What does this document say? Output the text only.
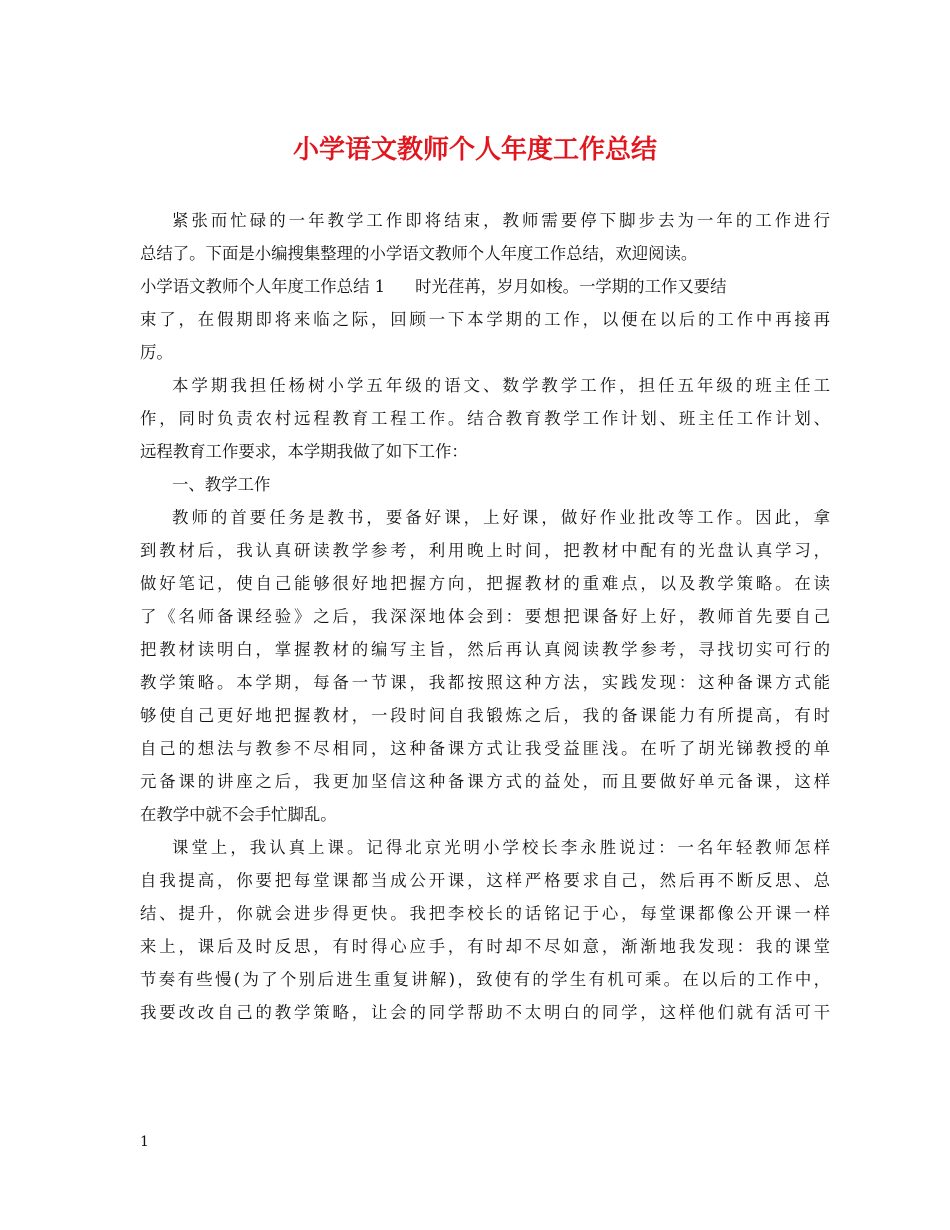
小学语文教师个人年度工作总结
紧张而忙碌的一年教学工作即将结束，教师需要停下脚步去为一年的工作进行
总结了。下面是小编搜集整理的小学语文教师个人年度工作总结，欢迎阅读。
小学语文教师个人年度工作总结 1 时光荏苒，岁月如梭。一学期的工作又要结
束了，在假期即将来临之际，回顾一下本学期的工作，以便在以后的工作中再接再
厉。
本学期我担任杨树小学五年级的语文、数学教学工作，担任五年级的班主任工
作，同时负责农村远程教育工程工作。结合教育教学工作计划、班主任工作计划、
远程教育工作要求，本学期我做了如下工作：
一、教学工作
教师的首要任务是教书，要备好课，上好课，做好作业批改等工作。因此，拿
到教材后，我认真研读教学参考，利用晚上时间，把教材中配有的光盘认真学习，
做好笔记，使自己能够很好地把握方向，把握教材的重难点，以及教学策略。在读
了《名师备课经验》之后，我深深地体会到：要想把课备好上好，教师首先要自己
把教材读明白，掌握教材的编写主旨，然后再认真阅读教学参考，寻找切实可行的
教学策略。本学期，每备一节课，我都按照这种方法，实践发现：这种备课方式能
够使自己更好地把握教材，一段时间自我锻炼之后，我的备课能力有所提高，有时
自己的想法与教参不尽相同，这种备课方式让我受益匪浅。在听了胡光锑教授的单
元备课的讲座之后，我更加坚信这种备课方式的益处，而且要做好单元备课，这样
在教学中就不会手忙脚乱。
课堂上，我认真上课。记得北京光明小学校长李永胜说过：一名年轻教师怎样
自我提高，你要把每堂课都当成公开课，这样严格要求自己，然后再不断反思、总
结、提升，你就会进步得更快。我把李校长的话铭记于心，每堂课都像公开课一样
来上，课后及时反思，有时得心应手，有时却不尽如意，渐渐地我发现：我的课堂
节奏有些慢(为了个别后进生重复讲解)，致使有的学生有机可乘。在以后的工作中，
我要改改自己的教学策略，让会的同学帮助不太明白的同学，这样他们就有活可干
1
